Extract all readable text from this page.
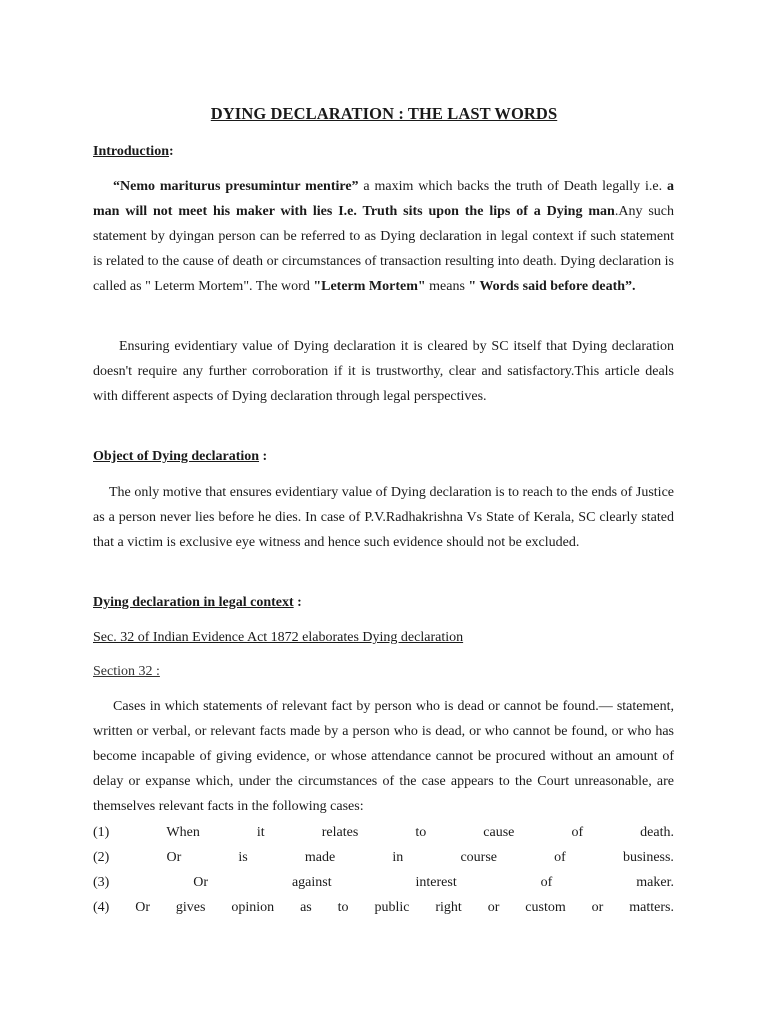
DYING DECLARATION : THE LAST WORDS
Introduction:
“Nemo mariturus presumintur mentire” a maxim which backs the truth of Death legally i.e. a man will not meet his maker with lies I.e. Truth sits upon the lips of a Dying man.Any such statement by dyingan person can be referred to as Dying declaration in legal context if such statement is related to the cause of death or circumstances of transaction resulting into death. Dying declaration is called as " Leterm Mortem". The word "Leterm Mortem" means " Words said before death”.
Ensuring evidentiary value of Dying declaration it is cleared by SC itself that Dying declaration doesn't require any further corroboration if it is trustworthy, clear and satisfactory.This article deals with different aspects of Dying declaration through legal perspectives.
Object of Dying declaration :
The only motive that ensures evidentiary value of Dying declaration is to reach to the ends of Justice as a person never lies before he dies. In case of P.V.Radhakrishna Vs State of Kerala, SC clearly stated that a victim is exclusive eye witness and hence such evidence should not be excluded.
Dying declaration in legal context :
Sec. 32 of Indian Evidence Act 1872 elaborates Dying declaration
Section 32 :
Cases in which statements of relevant fact by person who is dead or cannot be found.— statement, written or verbal, or relevant facts made by a person who is dead, or who cannot be found, or who has become incapable of giving evidence, or whose attendance cannot be procured without an amount of delay or expanse which, under the circumstances of the case appears to the Court unreasonable, are themselves relevant facts in the following cases:
(1)	When	it	relates	to	cause	of	death.
(2)	Or	is	made	in	course	of	business.
(3)	Or	against	interest	of	maker.
(4) Or gives opinion as to public right or custom or matters.
